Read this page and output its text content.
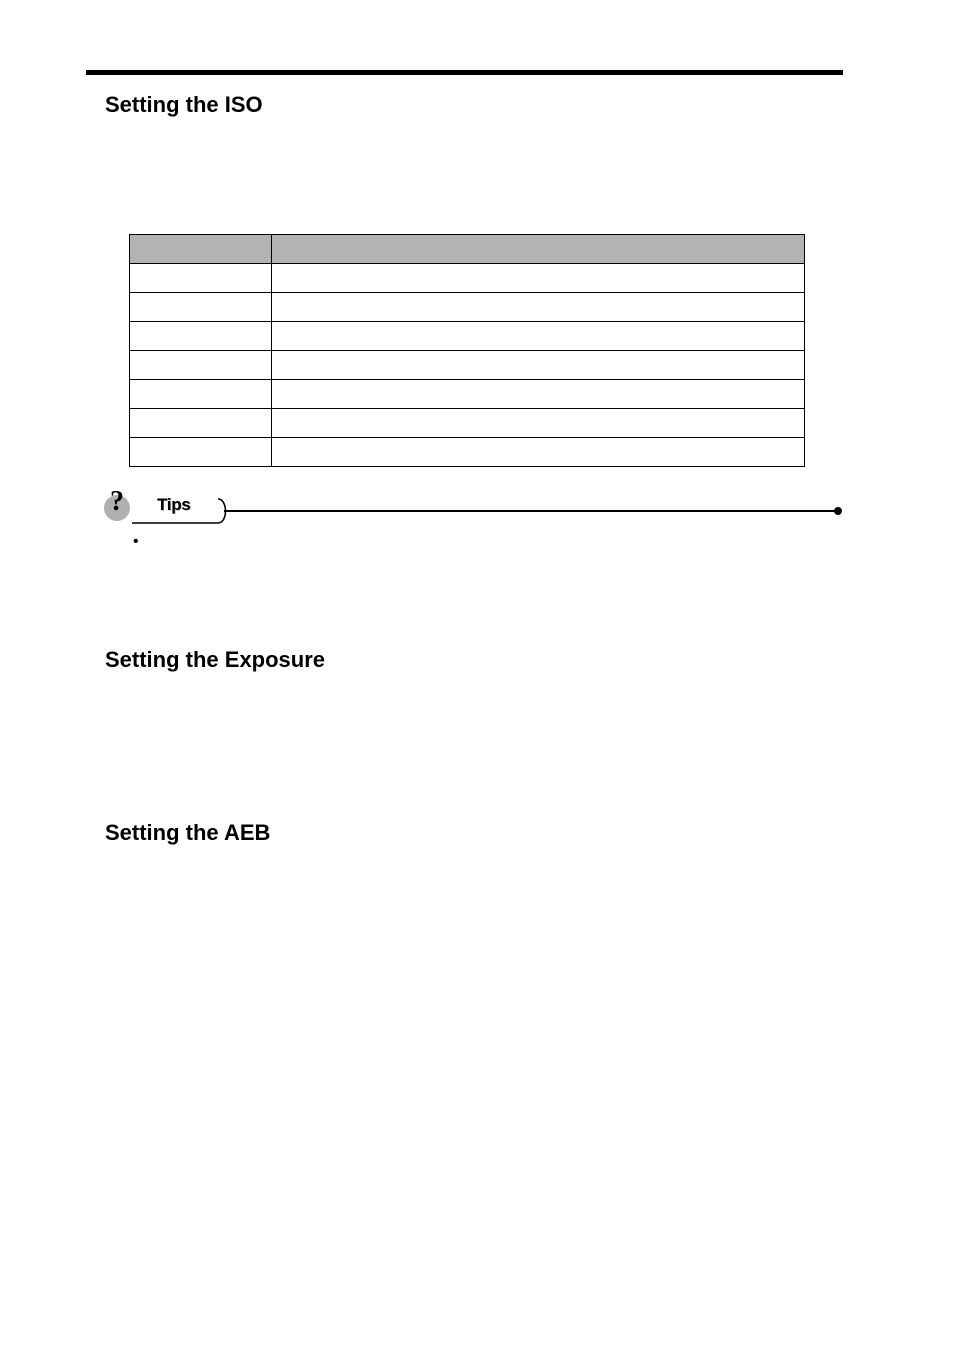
Setting the ISO

? Tips
•
Setting the Exposure
Setting the AEB
